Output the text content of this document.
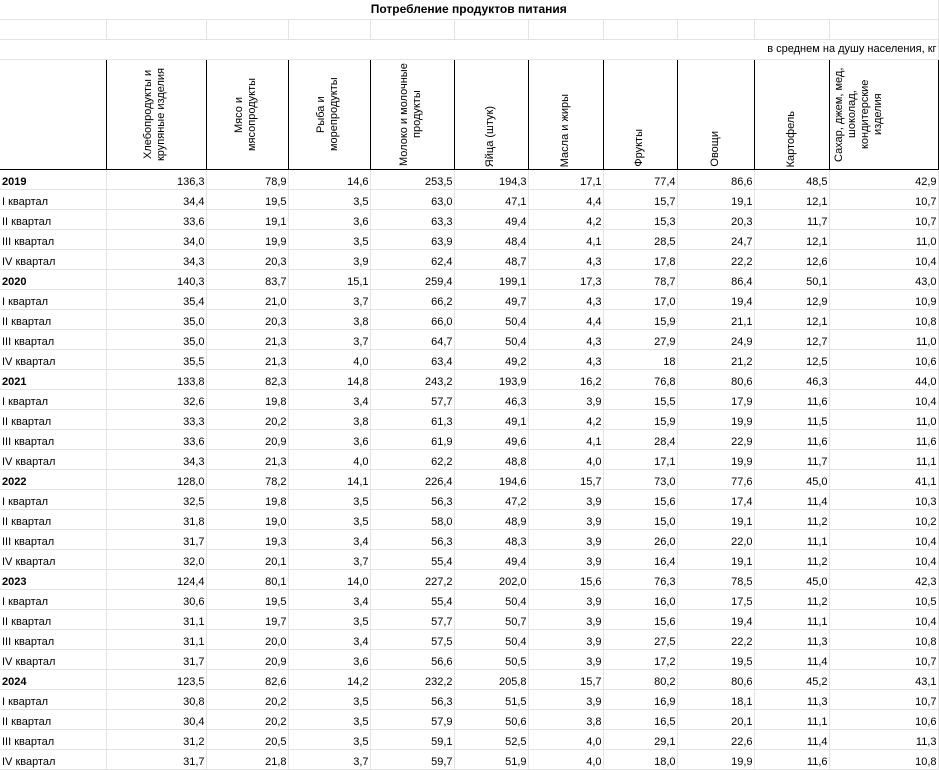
Потребление продуктов питания										

в среднем на душу населения, кг										

	Хлебопродукты и крупяные изделия	Мясо и мясопродукты	Рыба и морепродукты	Молоко и молочные продукты	Яйца (штук)	Масла и жиры	Фрукты	Овощи	Картофель	Сахар, джем, мед, шоколад, кондитерские изделия

2019	136,3	78,9	14,6	253,5	194,3	17,1	77,4	86,6	48,5	42,9
I квартал	34,4	19,5	3,5	63,0	47,1	4,4	15,7	19,1	12,1	10,7
II квартал	33,6	19,1	3,6	63,3	49,4	4,2	15,3	20,3	11,7	10,7
III квартал	34,0	19,9	3,5	63,9	48,4	4,1	28,5	24,7	12,1	11,0
IV квартал	34,3	20,3	3,9	62,4	48,7	4,3	17,8	22,2	12,6	10,4
2020	140,3	83,7	15,1	259,4	199,1	17,3	78,7	86,4	50,1	43,0
I квартал	35,4	21,0	3,7	66,2	49,7	4,3	17,0	19,4	12,9	10,9
II квартал	35,0	20,3	3,8	66,0	50,4	4,4	15,9	21,1	12,1	10,8
III квартал	35,0	21,3	3,7	64,7	50,4	4,3	27,9	24,9	12,7	11,0
IV квартал	35,5	21,3	4,0	63,4	49,2	4,3	18	21,2	12,5	10,6
2021	133,8	82,3	14,8	243,2	193,9	16,2	76,8	80,6	46,3	44,0
I квартал	32,6	19,8	3,4	57,7	46,3	3,9	15,5	17,9	11,6	10,4
II квартал	33,3	20,2	3,8	61,3	49,1	4,2	15,9	19,9	11,5	11,0
III квартал	33,6	20,9	3,6	61,9	49,6	4,1	28,4	22,9	11,6	11,6
IV квартал	34,3	21,3	4,0	62,2	48,8	4,0	17,1	19,9	11,7	11,1
2022	128,0	78,2	14,1	226,4	194,6	15,7	73,0	77,6	45,0	41,1
I квартал	32,5	19,8	3,5	56,3	47,2	3,9	15,6	17,4	11,4	10,3
II квартал	31,8	19,0	3,5	58,0	48,9	3,9	15,0	19,1	11,2	10,2
III квартал	31,7	19,3	3,4	56,3	48,3	3,9	26,0	22,0	11,1	10,4
IV квартал	32,0	20,1	3,7	55,4	49,4	3,9	16,4	19,1	11,2	10,4
2023	124,4	80,1	14,0	227,2	202,0	15,6	76,3	78,5	45,0	42,3
I квартал	30,6	19,5	3,4	55,4	50,4	3,9	16,0	17,5	11,2	10,5
II квартал	31,1	19,7	3,5	57,7	50,7	3,9	15,6	19,4	11,1	10,4
III квартал	31,1	20,0	3,4	57,5	50,4	3,9	27,5	22,2	11,3	10,8
IV квартал	31,7	20,9	3,6	56,6	50,5	3,9	17,2	19,5	11,4	10,7
2024	123,5	82,6	14,2	232,2	205,8	15,7	80,2	80,6	45,2	43,1
I квартал	30,8	20,2	3,5	56,3	51,5	3,9	16,9	18,1	11,3	10,7
II квартал	30,4	20,2	3,5	57,9	50,6	3,8	16,5	20,1	11,1	10,6
III квартал	31,2	20,5	3,5	59,1	52,5	4,0	29,1	22,6	11,4	11,3
IV квартал	31,7	21,8	3,7	59,7	51,9	4,0	18,0	19,9	11,6	10,8
